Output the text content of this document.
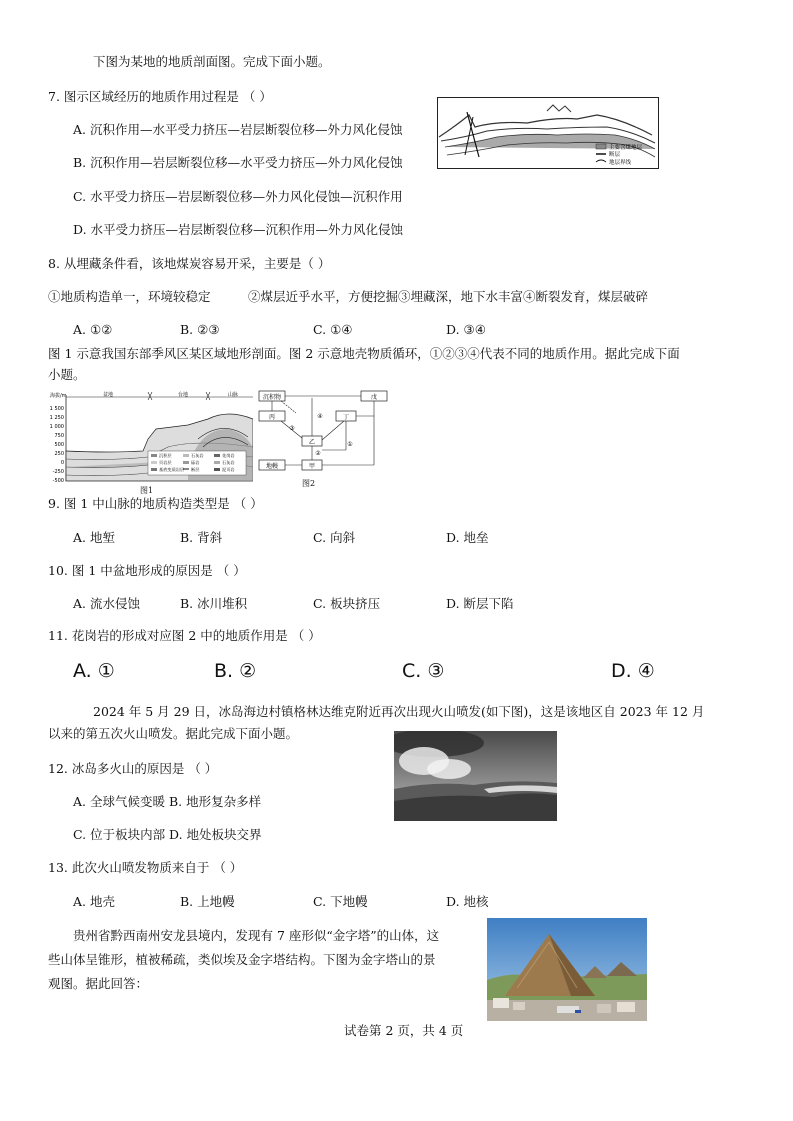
下图为某地的地质剖面图。完成下面小题。
7. 图示区域经历的地质作用过程是 （ ）
A. 沉积作用—水平受力挤压—岩层断裂位移—外力风化侵蚀
B. 沉积作用—岩层断裂位移—水平受力挤压—外力风化侵蚀
C. 水平受力挤压—岩层断裂位移—外力风化侵蚀—沉积作用
D. 水平受力挤压—岩层断裂位移—沉积作用—外力风化侵蚀
主要含煤地层
断层
地层界线
8. 从埋藏条件看，该地煤炭容易开采，主要是（ ）
①地质构造单一，环境较稳定　　　②煤层近乎水平，方便挖掘③埋藏深，地下水丰富④断裂发育，煤层破碎
A. ①②	B. ②③	C. ①④	D. ③④
图 1 示意我国东部季风区某区域地形剖面。图 2 示意地壳物质循环，①②③④代表不同的地质作用。据此完成下面
小题。
海拔/m
1 500
1 250
1 000
750
500
250
0
-250
-500
盆地	台地	山脉
沉积层	石灰岩	花岗岩
页岩层	砾岩	石灰岩
基底变质岩层 断层	泥页岩
图1
沉积物	戊
丙	丁
乙
甲
地幔
③
④
②
①
图2
9. 图 1 中山脉的地质构造类型是 （ ）
A. 地堑	B. 背斜	C. 向斜	D. 地垒
10. 图 1 中盆地形成的原因是 （ ）
A. 流水侵蚀	B. 冰川堆积	C. 板块挤压	D. 断层下陷
11. 花岗岩的形成对应图 2 中的地质作用是 （ ）
A. ①	B. ②	C. ③	D. ④
2024 年 5 月 29 日，冰岛海边村镇格林达维克附近再次出现火山喷发(如下图)，这是该地区自 2023 年 12 月
以来的第五次火山喷发。据此完成下面小题。
12. 冰岛多火山的原因是 （ ）
A. 全球气候变暖 B. 地形复杂多样
C. 位于板块内部 D. 地处板块交界
13. 此次火山喷发物质来自于 （ ）
A. 地壳	B. 上地幔	C. 下地幔	D. 地核
贵州省黔西南州安龙县境内，发现有 7 座形似“金字塔”的山体，这
些山体呈锥形，植被稀疏，类似埃及金字塔结构。下图为金字塔山的景
观图。据此回答：
试卷第 2 页，共 4 页
